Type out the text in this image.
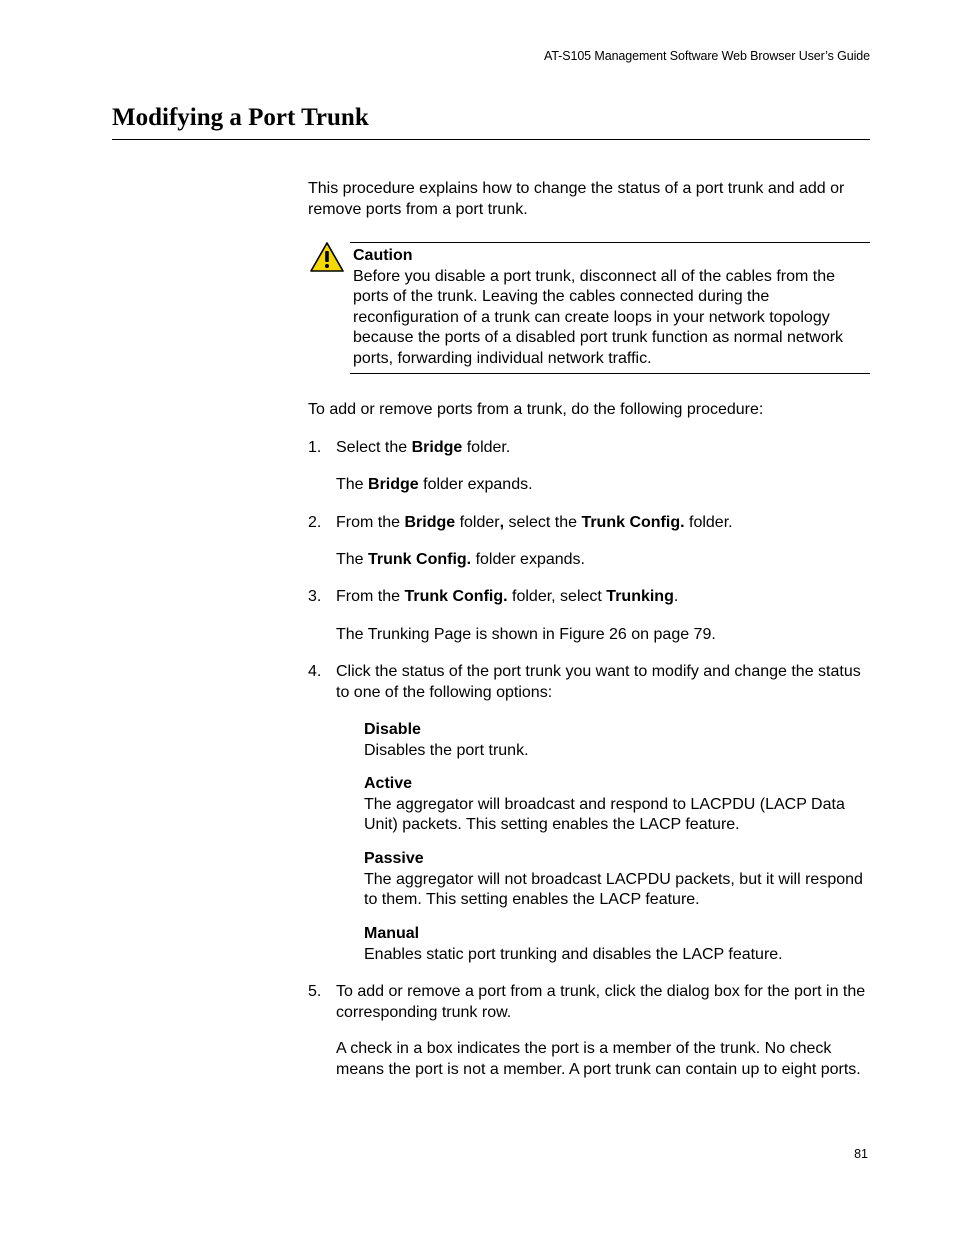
AT-S105 Management Software Web Browser User’s Guide
Modifying a Port Trunk

This procedure explains how to change the status of a port trunk and add or remove ports from a port trunk.

Caution
Before you disable a port trunk, disconnect all of the cables from the ports of the trunk. Leaving the cables connected during the reconfiguration of a trunk can create loops in your network topology because the ports of a disabled port trunk function as normal network ports, forwarding individual network traffic.

To add or remove ports from a trunk, do the following procedure:

1. Select the Bridge folder.

The Bridge folder expands.

2. From the Bridge folder, select the Trunk Config. folder.

The Trunk Config. folder expands.

3. From the Trunk Config. folder, select Trunking.

The Trunking Page is shown in Figure 26 on page 79.

4. Click the status of the port trunk you want to modify and change the status to one of the following options:
Disable
Disables the port trunk.
Active
The aggregator will broadcast and respond to LACPDU (LACP Data Unit) packets. This setting enables the LACP feature.
Passive
The aggregator will not broadcast LACPDU packets, but it will respond to them. This setting enables the LACP feature.
Manual
Enables static port trunking and disables the LACP feature.
5. To add or remove a port from a trunk, click the dialog box for the port in the corresponding trunk row.

A check in a box indicates the port is a member of the trunk. No check means the port is not a member. A port trunk can contain up to eight ports.

81
